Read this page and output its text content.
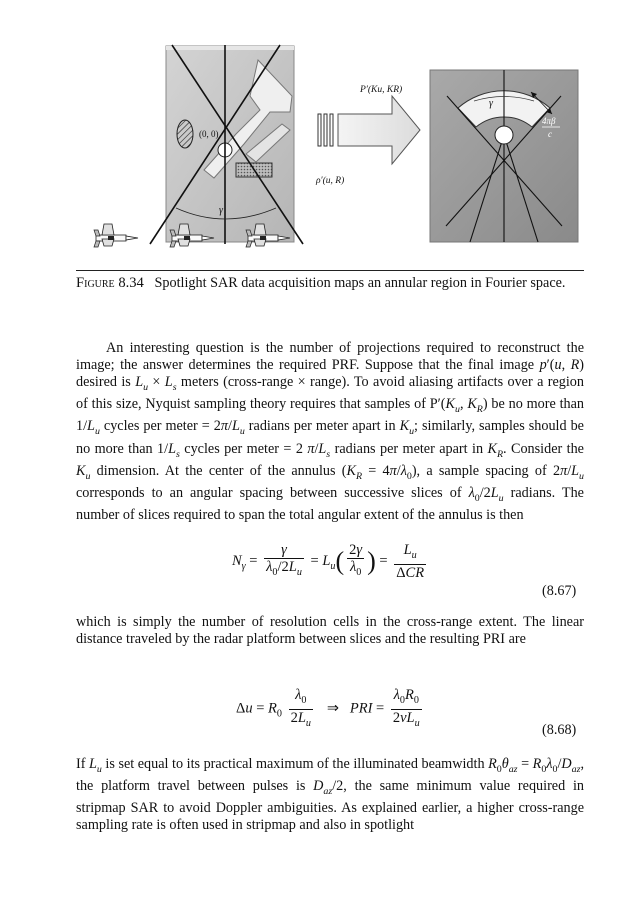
(0, 0)
γ
P′(Ku, KR)
ρ′(u, R)
γ
4πβ
c
Figure 8.34 Spotlight SAR data acquisition maps an annular region in Fourier space.
An interesting question is the number of projections required to reconstruct the image; the answer determines the required PRF. Suppose that the final image p′(u, R) desired is $L_u \times L_s$ meters (cross-range × range). To avoid aliasing artifacts over a region of this size, Nyquist sampling theory requires that samples of $P'(K_u$, $K_R$) be no more than $1/L_u$ cycles per meter = $2\pi/L_u$ radians per meter apart in $K_u$; similarly, samples should be no more than $1/L_s$ cycles per meter = 2 $\pi/L_s$ radians per meter apart in $K_R$. Consider the $K_u$ dimension. At the center of the annulus $(K_R = 4\pi/\lambda_0)$, a sample spacing of $2\pi/L_u$ corresponds to an angular spacing between successive slices of $\lambda_0/2L_u$ radians. The number of slices required to span the total angular extent of the annulus is then
$N_\gamma = \frac{\gamma}{\lambda_0/2L_u} = L_u( \frac{2\gamma}{\lambda_0}$ ) = $\frac{L_u}{\text{ΔCR}}$
(8.67)
which is simply the number of resolution cells in the cross-range extent. The linear distance traveled by the radar platform between slices and the resulting PRI are
$\Delta u = R_0 \frac{\lambda_0}{2L_u}$ ⇒   PRI = $\frac{\lambda_0R_0}{2vL_u}$	(8.68)
If $L_u$ is set equal to its practical maximum of the illuminated beamwidth $R_0\theta_{az} = R_0\lambda_0/D_{az}$, the platform travel between pulses is $D_{az}/2$, the same minimum value required in stripmap SAR to avoid Doppler ambiguities. As explained earlier, a higher cross-range sampling rate is often used in stripmap and also in spotlight
